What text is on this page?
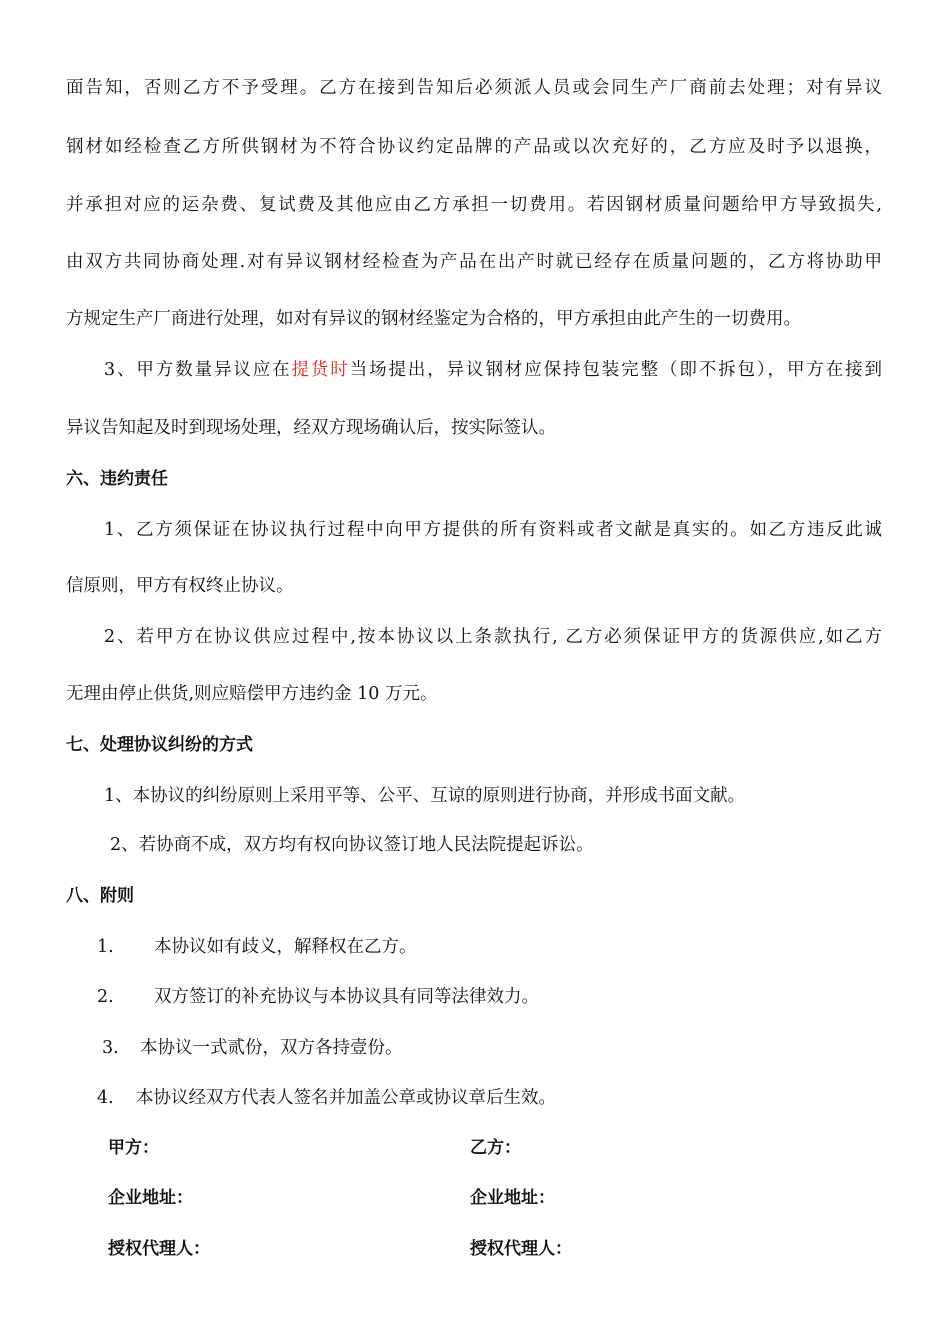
面告知，否则乙方不予受理。乙方在接到告知后必须派人员或会同生产厂商前去处理；对有异议
钢材如经检查乙方所供钢材为不符合协议约定品牌的产品或以次充好的，乙方应及时予以退换，
并承担对应的运杂费、复试费及其他应由乙方承担一切费用。若因钢材质量问题给甲方导致损失,
由双方共同协商处理.对有异议钢材经检查为产品在出产时就已经存在质量问题的，乙方将协助甲
方规定生产厂商进行处理，如对有异议的钢材经鉴定为合格的，甲方承担由此产生的一切费用。
3、甲方数量异议应在提货时当场提出，异议钢材应保持包装完整（即不拆包），甲方在接到
异议告知起及时到现场处理，经双方现场确认后，按实际签认。
六、违约责任
1、乙方须保证在协议执行过程中向甲方提供的所有资料或者文献是真实的。如乙方违反此诚
信原则，甲方有权终止协议。
2、若甲方在协议供应过程中,按本协议以上条款执行, 乙方必须保证甲方的货源供应,如乙方
无理由停止供货,则应赔偿甲方违约金 10 万元。
七、处理协议纠纷的方式
1、本协议的纠纷原则上采用平等、公平、互谅的原则进行协商，并形成书面文献。
2、若协商不成，双方均有权向协议签订地人民法院提起诉讼。
八、附则
1. 本协议如有歧义，解释权在乙方。
2. 双方签订的补充协议与本协议具有同等法律效力。
3. 本协议一式贰份，双方各持壹份。
4. 本协议经双方代表人签名并加盖公章或协议章后生效。
甲方：	乙方：
企业地址：	企业地址：
授权代理人：	授权代理人：
